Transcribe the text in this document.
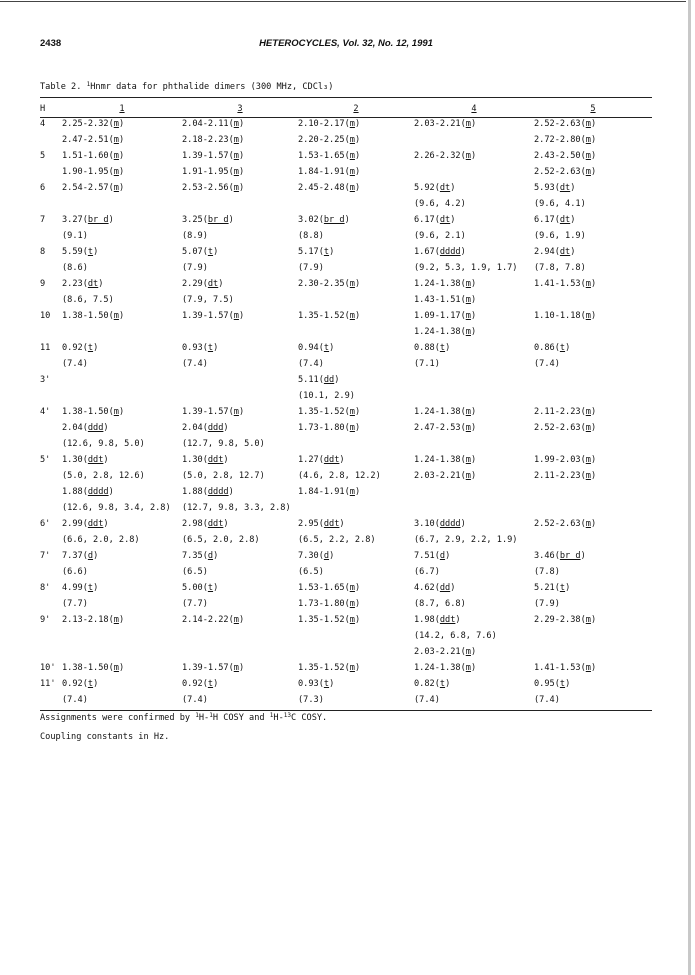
2438	HETEROCYCLES, Vol. 32, No. 12, 1991
Table 2. $^1$Hnmr data for phthalide dimers (300 MHz, CDCl₃)
H	1	3	2	4	5
4	2.25-2.32(m)	2.04-2.11(m)	2.10-2.17(m)	2.03-2.21(m)	2.52-2.63(m)
	2.47-2.51(m)	2.18-2.23(m)	2.20-2.25(m)		2.72-2.80(m)
5	1.51-1.60(m)	1.39-1.57(m)	1.53-1.65(m)	2.26-2.32(m)	2.43-2.50(m)
	1.90-1.95(m)	1.91-1.95(m)	1.84-1.91(m)		2.52-2.63(m)
6	2.54-2.57(m)	2.53-2.56(m)	2.45-2.48(m)	5.92(dt)	5.93(dt)
				(9.6, 4.2)	(9.6, 4.1)
7	3.27(br d)	3.25(br d)	3.02(br d)	6.17(dt)	6.17(dt)
	(9.1)	(8.9)	(8.8)	(9.6, 2.1)	(9.6, 1.9)
8	5.59(t)	5.07(t)	5.17(t)	1.67(dddd)	2.94(dt)
	(8.6)	(7.9)	(7.9)	(9.2, 5.3, 1.9, 1.7)	(7.8, 7.8)
9	2.23(dt)	2.29(dt)	2.30-2.35(m)	1.24-1.38(m)	1.41-1.53(m)
	(8.6, 7.5)	(7.9, 7.5)		1.43-1.51(m)	
10	1.38-1.50(m)	1.39-1.57(m)	1.35-1.52(m)	1.09-1.17(m)	1.10-1.18(m)
				1.24-1.38(m)	
11	0.92(t)	0.93(t)	0.94(t)	0.88(t)	0.86(t)
	(7.4)	(7.4)	(7.4)	(7.1)	(7.4)
3'			5.11(dd)		
			(10.1, 2.9)		
4'	1.38-1.50(m)	1.39-1.57(m)	1.35-1.52(m)	1.24-1.38(m)	2.11-2.23(m)
	2.04(ddd)	2.04(ddd)	1.73-1.80(m)	2.47-2.53(m)	2.52-2.63(m)
	(12.6, 9.8, 5.0)	(12.7, 9.8, 5.0)			
5'	1.30(ddt)	1.30(ddt)	1.27(ddt)	1.24-1.38(m)	1.99-2.03(m)
	(5.0, 2.8, 12.6)	(5.0, 2.8, 12.7)	(4.6, 2.8, 12.2)	2.03-2.21(m)	2.11-2.23(m)
	1.88(dddd)	1.88(dddd)	1.84-1.91(m)		
	(12.6, 9.8, 3.4, 2.8)	(12.7, 9.8, 3.3, 2.8)			
6'	2.99(ddt)	2.98(ddt)	2.95(ddt)	3.10(dddd)	2.52-2.63(m)
	(6.6, 2.0, 2.8)	(6.5, 2.0, 2.8)	(6.5, 2.2, 2.8)	(6.7, 2.9, 2.2, 1.9)	
7'	7.37(d)	7.35(d)	7.30(d)	7.51(d)	3.46(br d)
	(6.6)	(6.5)	(6.5)	(6.7)	(7.8)
8'	4.99(t)	5.00(t)	1.53-1.65(m)	4.62(dd)	5.21(t)
	(7.7)	(7.7)	1.73-1.80(m)	(8.7, 6.8)	(7.9)
9'	2.13-2.18(m)	2.14-2.22(m)	1.35-1.52(m)	1.98(ddt)	2.29-2.38(m)
				(14.2, 6.8, 7.6)	
				2.03-2.21(m)	
10'	1.38-1.50(m)	1.39-1.57(m)	1.35-1.52(m)	1.24-1.38(m)	1.41-1.53(m)
11'	0.92(t)	0.92(t)	0.93(t)	0.82(t)	0.95(t)
	(7.4)	(7.4)	(7.3)	(7.4)	(7.4)
Assignments were confirmed by $^1$H-$^1$H COSY and $^1$H-$^{13}$C COSY.
Coupling constants in Hz.
